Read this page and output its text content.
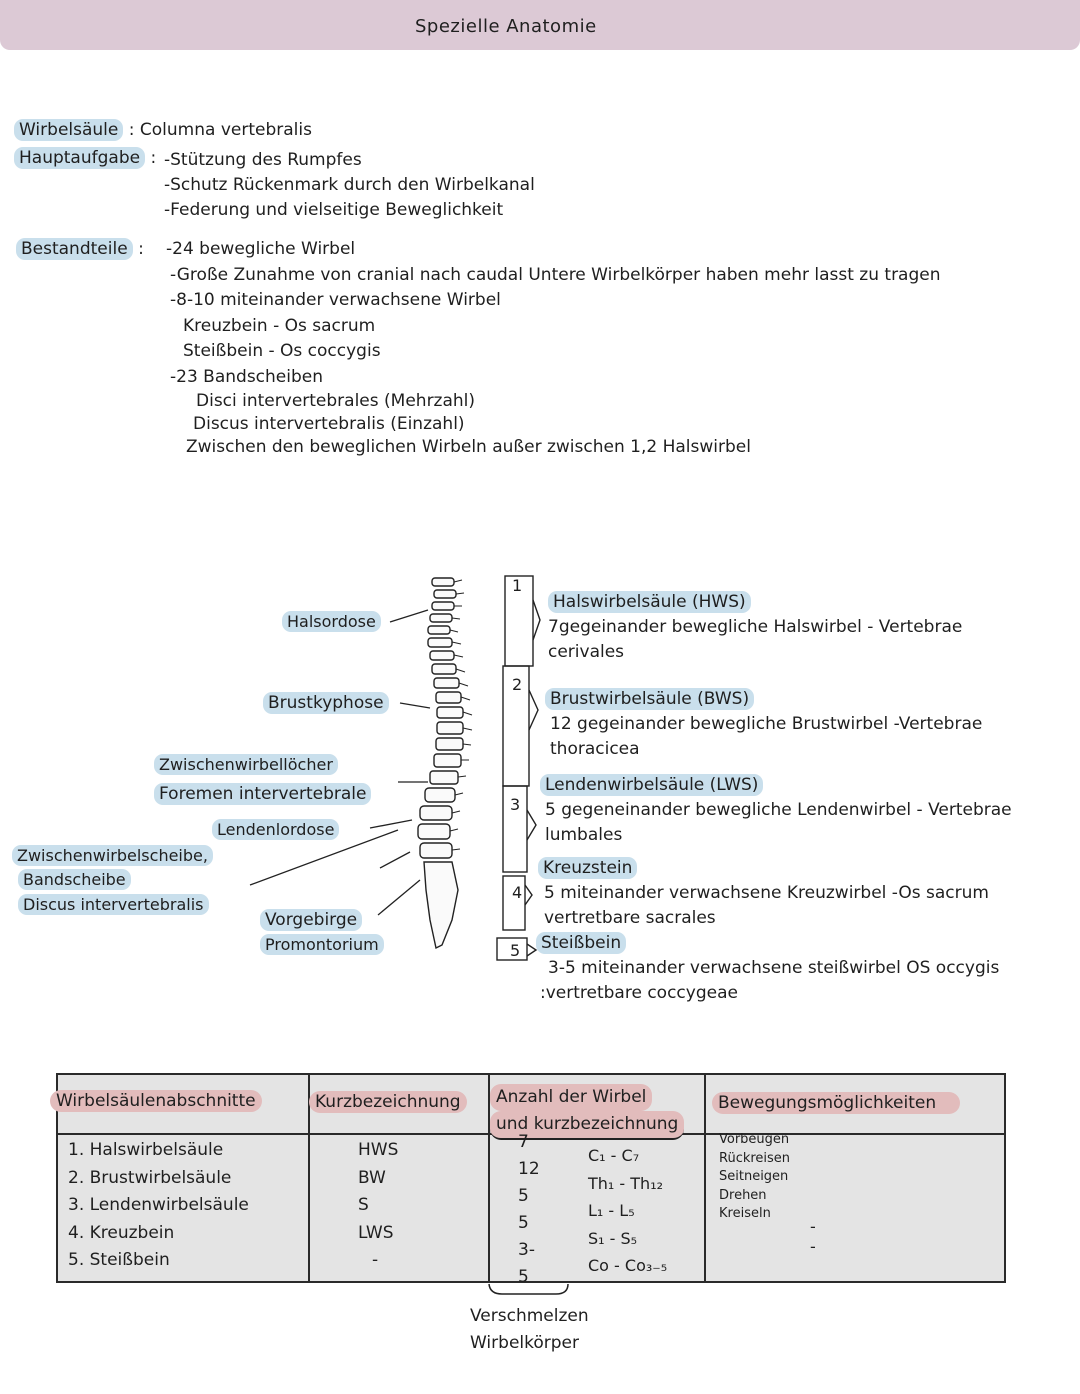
Spezielle Anatomie
Wirbelsäule : Columna vertebralis
Hauptaufgabe : -Stützung des Rumpfes
-Schutz Rückenmark durch den Wirbelkanal
-Federung und vielseitige Beweglichkeit
Bestandteile : -24 bewegliche Wirbel
-Große Zunahme von cranial nach caudal Untere Wirbelkörper haben mehr lasst zu tragen
-8-10 miteinander verwachsene Wirbel
Kreuzbein - Os sacrum
Steißbein - Os coccygis
-23 Bandscheiben
Disci intervertebrales (Mehrzahl)
Discus intervertebralis (Einzahl)
Zwischen den beweglichen Wirbeln außer zwischen 1,2 Halswirbel
1
2
3
4
5
Halsordose
Brustkyphose
Zwischenwirbellöcher
Foremen intervertebrale
Lendenlordose
Zwischenwirbelscheibe,
Bandscheibe
Discus intervertebralis
Vorgebirge
Promontorium
Halswirbelsäule (HWS)
7gegeinander bewegliche Halswirbel - Vertebrae
cerivales
Brustwirbelsäule (BWS)
12 gegeinander bewegliche Brustwirbel -Vertebrae
thoracicea
Lendenwirbelsäule (LWS)
5 gegeneinander bewegliche Lendenwirbel - Vertebrae
lumbales
Kreuzstein
5 miteinander verwachsene Kreuzwirbel -Os sacrum
vertretbare sacrales
Steißbein
3-5 miteinander verwachsene steißwirbel OS occygis
:vertretbare coccygeae
Wirbelsäulenabschnitte	Kurzbezeichnung	Anzahl der Wirbel
und kurzbezeichnung
Bewegungsmöglichkeiten
1. Halswirbelsäule
2. Brustwirbelsäule
3. Lendenwirbelsäule
4. Kreuzbein
5. Steißbein
HWS
BW
S
LWS
-
7
12
5
5
3-
5
C₁ - C₇
Th₁ - Th₁₂
L₁ - L₅
S₁ - S₅
Co - Co₃₋₅
Vorbeugen
Rückreisen
Seitneigen
Drehen
Kreiseln
-
-
Verschmelzen
Wirbelkörper
